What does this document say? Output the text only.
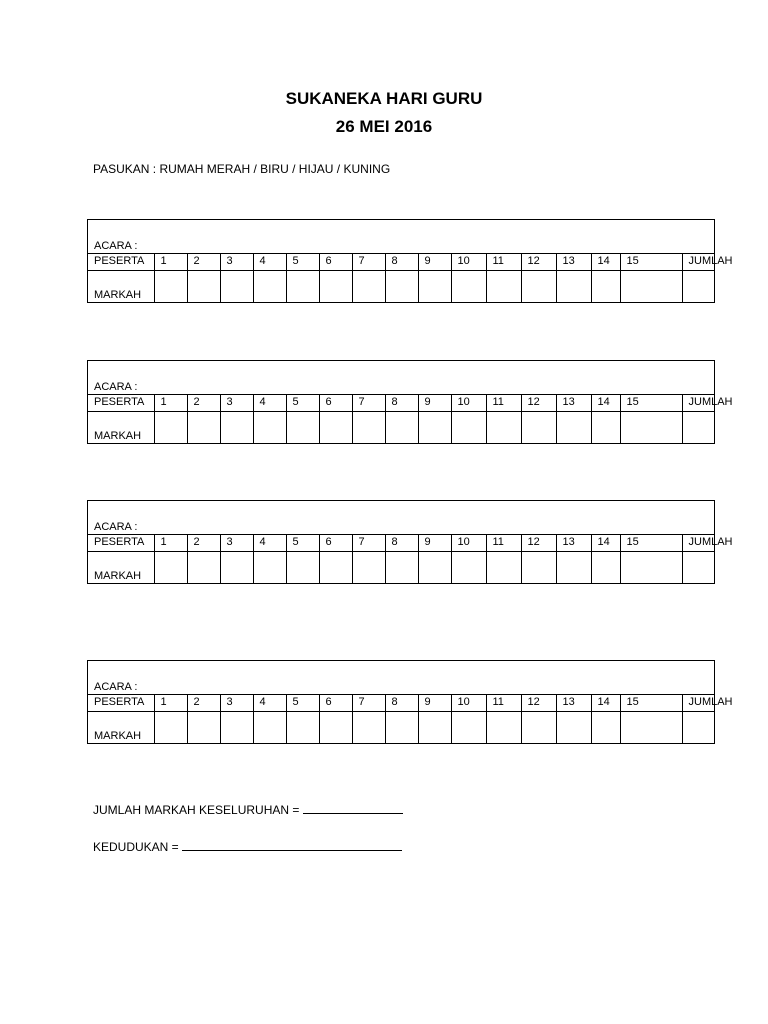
SUKANEKA HARI GURU
26 MEI 2016
PASUKAN : RUMAH MERAH / BIRU / HIJAU / KUNING
ACARA :
PESERTA	1	2	3	4	5	6	7	8	9	10	11	12	13	14	15	JUMLAH

MARKAH																

ACARA :
PESERTA	1	2	3	4	5	6	7	8	9	10	11	12	13	14	15	JUMLAH

MARKAH																

ACARA :
PESERTA	1	2	3	4	5	6	7	8	9	10	11	12	13	14	15	JUMLAH

MARKAH																

ACARA :
PESERTA	1	2	3	4	5	6	7	8	9	10	11	12	13	14	15	JUMLAH

MARKAH																

JUMLAH MARKAH KESELURUHAN =
KEDUDUKAN =
